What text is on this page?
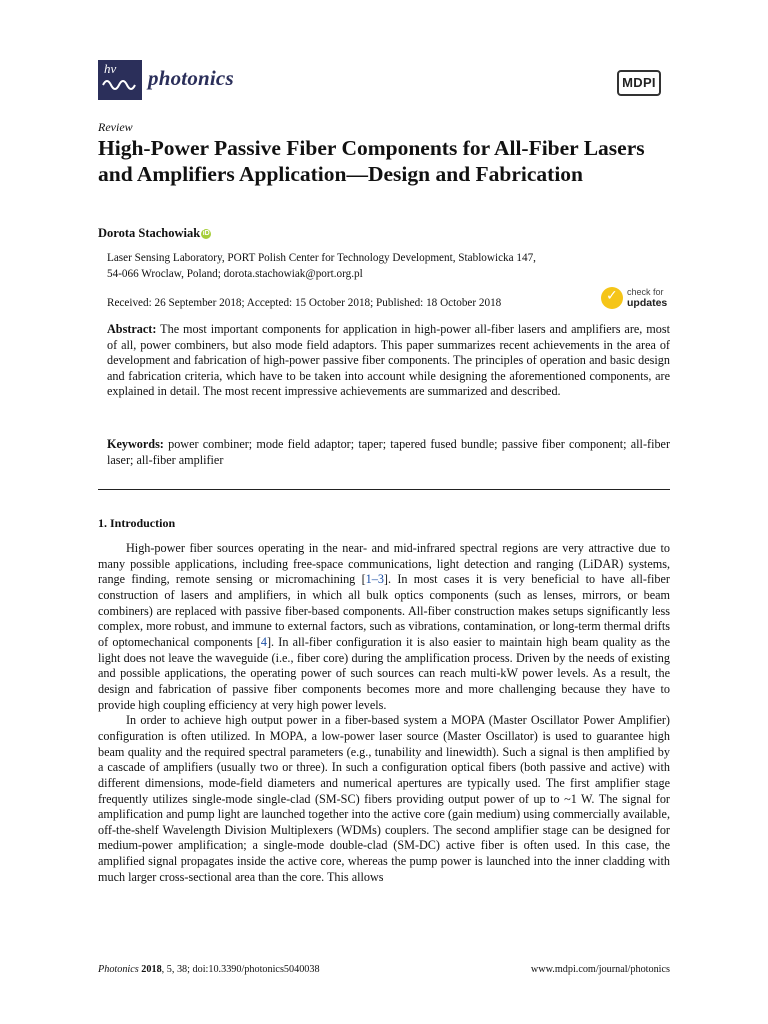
hv photonics	MDPI
Review
High-Power Passive Fiber Components for All-Fiber Lasers and Amplifiers Application—Design and Fabrication
Dorota Stachowiak iD
Laser Sensing Laboratory, PORT Polish Center for Technology Development, Stablowicka 147,
54-066 Wroclaw, Poland; dorota.stachowiak@port.org.pl
Received: 26 September 2018; Accepted: 15 October 2018; Published: 18 October 2018	✓ check for
updates
Abstract: The most important components for application in high-power all-fiber lasers and amplifiers are, most of all, power combiners, but also mode field adaptors. This paper summarizes recent achievements in the area of development and fabrication of high-power passive fiber components. The principles of operation and basic design and fabrication criteria, which have to be taken into account while designing the aforementioned components, are explained in detail. The most recent impressive achievements are summarized and described.
Keywords: power combiner; mode field adaptor; taper; tapered fused bundle; passive fiber component; all-fiber laser; all-fiber amplifier
1. Introduction

High-power fiber sources operating in the near- and mid-infrared spectral regions are very attractive due to many possible applications, including free-space communications, light detection and ranging (LiDAR) systems, range finding, remote sensing or micromachining [1–3]. In most cases it is very beneficial to have all-fiber construction of lasers and amplifiers, in which all bulk optics components (such as lenses, mirrors, or beam combiners) are replaced with passive fiber-based components. All-fiber construction makes setups significantly less complex, more robust, and immune to external factors, such as vibrations, contamination, or long-term thermal drifts of optomechanical components [4]. In all-fiber configuration it is also easier to maintain high beam quality as the light does not leave the waveguide (i.e., fiber core) during the amplification process. Driven by the needs of existing and possible applications, the operating power of such sources can reach multi-kW power levels. As a result, the design and fabrication of passive fiber components becomes more and more challenging because they have to provide high coupling efficiency at very high power levels.

In order to achieve high output power in a fiber-based system a MOPA (Master Oscillator Power Amplifier) configuration is often utilized. In MOPA, a low-power laser source (Master Oscillator) is used to guarantee high beam quality and the required spectral parameters (e.g., tunability and linewidth). Such a signal is then amplified by a cascade of amplifiers (usually two or three). In such a configuration optical fibers (both passive and active) with different dimensions, mode-field diameters and numerical apertures are typically used. The first amplifier stage frequently utilizes single-mode single-clad (SM-SC) fibers providing output power of up to ~1 W. The signal for amplification and pump light are launched together into the active core (gain medium) using commercially available, off-the-shelf Wavelength Division Multiplexers (WDMs) couplers. The second amplifier stage can be designed for medium-power amplification; a single-mode double-clad (SM-DC) active fiber is often used. In this case, the amplified signal propagates inside the active core, whereas the pump power is launched into the inner cladding with much larger cross-sectional area than the core. This allows

Photonics 2018, 5, 38; doi:10.3390/photonics5040038	www.mdpi.com/journal/photonics
